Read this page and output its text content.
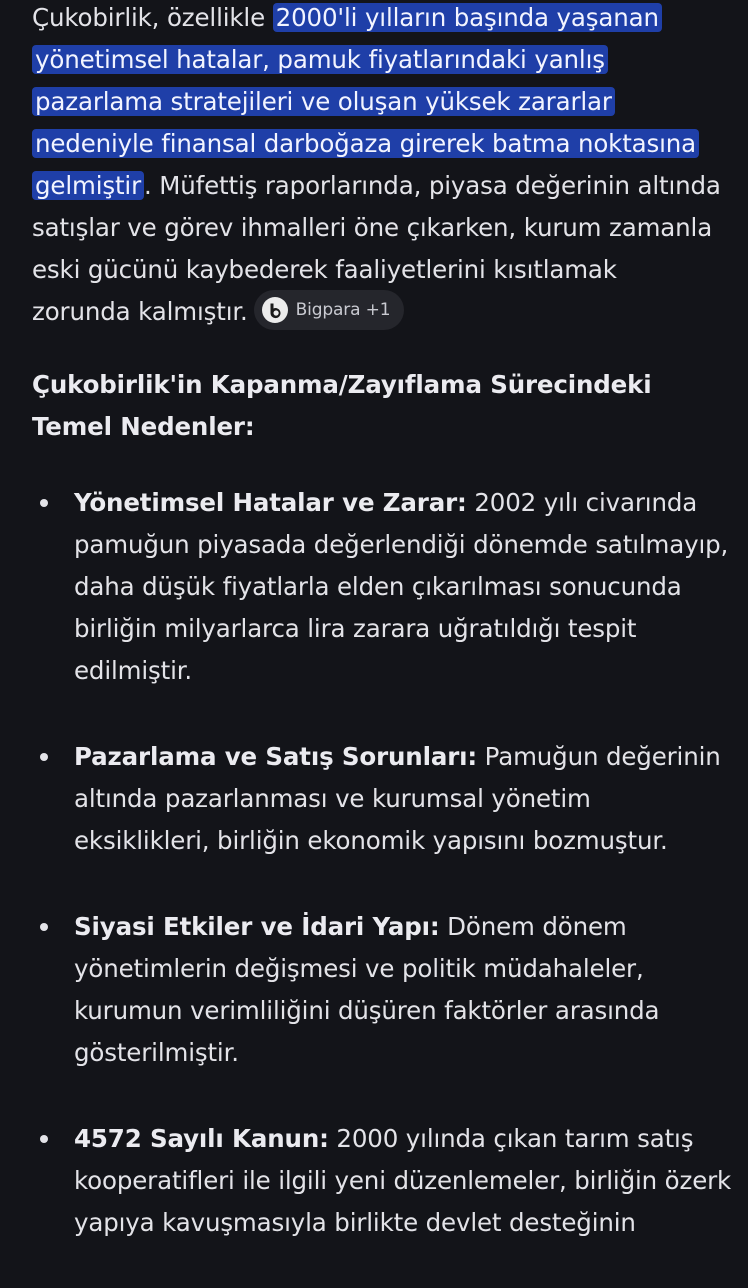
Çukobirlik, özellikle 2000'li yılların başında yaşanan yönetimsel hatalar, pamuk fiyatlarındaki yanlış pazarlama stratejileri ve oluşan yüksek zararlar nedeniyle finansal darboğaza girerek batma noktasına gelmiştir . Müfettiş raporlarında, piyasa değerinin altında satışlar ve görev ihmalleri öne çıkarken, kurum zamanla eski gücünü kaybederek faaliyetlerini kısıtlamak zorunda kalmıştır.	Bigpara +1

Çukobirlik'in Kapanma/Zayıflama Sürecindeki Temel Nedenler:
Yönetimsel Hatalar ve Zarar: 2002 yılı civarında pamuğun piyasada değerlendiği dönemde satılmayıp, daha düşük fiyatlarla elden çıkarılması sonucunda birliğin milyarlarca lira zarara uğratıldığı tespit edilmiştir.
Pazarlama ve Satış Sorunları: Pamuğun değerinin altında pazarlanması ve kurumsal yönetim eksiklikleri, birliğin ekonomik yapısını bozmuştur.
Siyasi Etkiler ve İdari Yapı: Dönem dönem yönetimlerin değişmesi ve politik müdahaleler, kurumun verimliliğini düşüren faktörler arasında gösterilmiştir.
4572 Sayılı Kanun: 2000 yılında çıkan tarım satış kooperatifleri ile ilgili yeni düzenlemeler, birliğin özerk yapıya kavuşmasıyla birlikte devlet desteğinin
